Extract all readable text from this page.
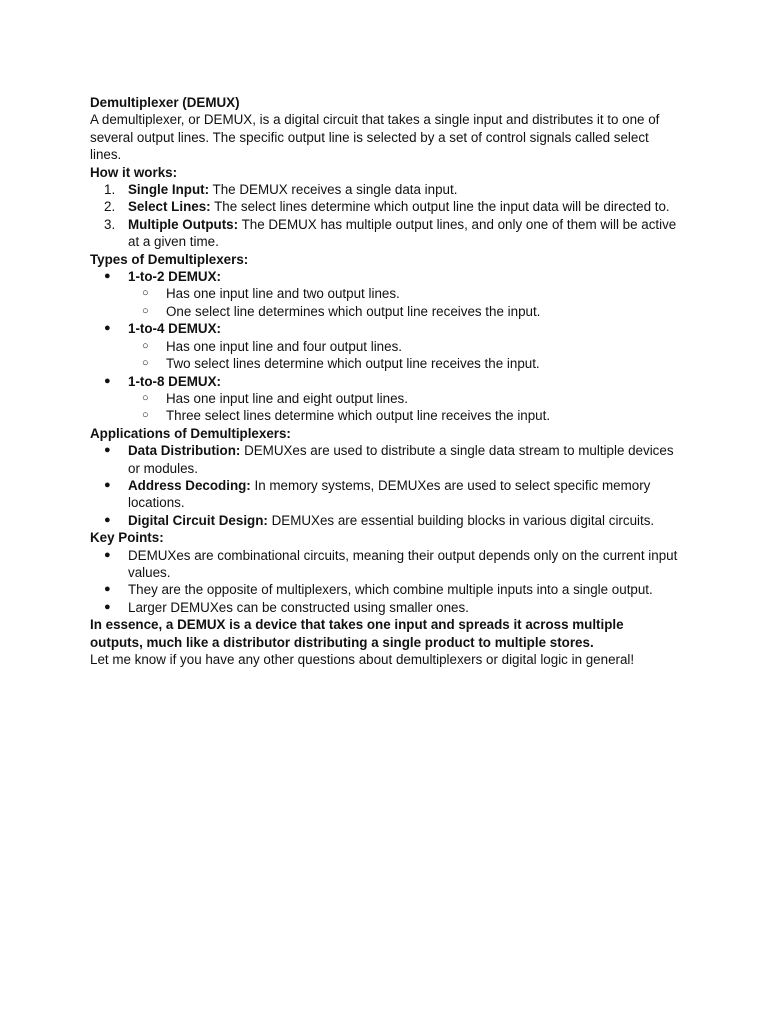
Demultiplexer (DEMUX)

A demultiplexer, or DEMUX, is a digital circuit that takes a single input and distributes it to one of several output lines. The specific output line is selected by a set of control signals called select lines.

How it works:

1. Single Input: The DEMUX receives a single data input.
2. Select Lines: The select lines determine which output line the input data will be directed to.
3. Multiple Outputs: The DEMUX has multiple output lines, and only one of them will be active at a given time.

Types of Demultiplexers:

● 1-to-2 DEMUX:
○ Has one input line and two output lines.
○ One select line determines which output line receives the input.
● 1-to-4 DEMUX:
○ Has one input line and four output lines.
○ Two select lines determine which output line receives the input.
● 1-to-8 DEMUX:
○ Has one input line and eight output lines.
○ Three select lines determine which output line receives the input.

Applications of Demultiplexers:

● Data Distribution: DEMUXes are used to distribute a single data stream to multiple devices or modules.
● Address Decoding: In memory systems, DEMUXes are used to select specific memory locations.
● Digital Circuit Design: DEMUXes are essential building blocks in various digital circuits.

Key Points:

● DEMUXes are combinational circuits, meaning their output depends only on the current input values.
● They are the opposite of multiplexers, which combine multiple inputs into a single output.
● Larger DEMUXes can be constructed using smaller ones.

In essence, a DEMUX is a device that takes one input and spreads it across multiple outputs, much like a distributor distributing a single product to multiple stores.

Let me know if you have any other questions about demultiplexers or digital logic in general!
